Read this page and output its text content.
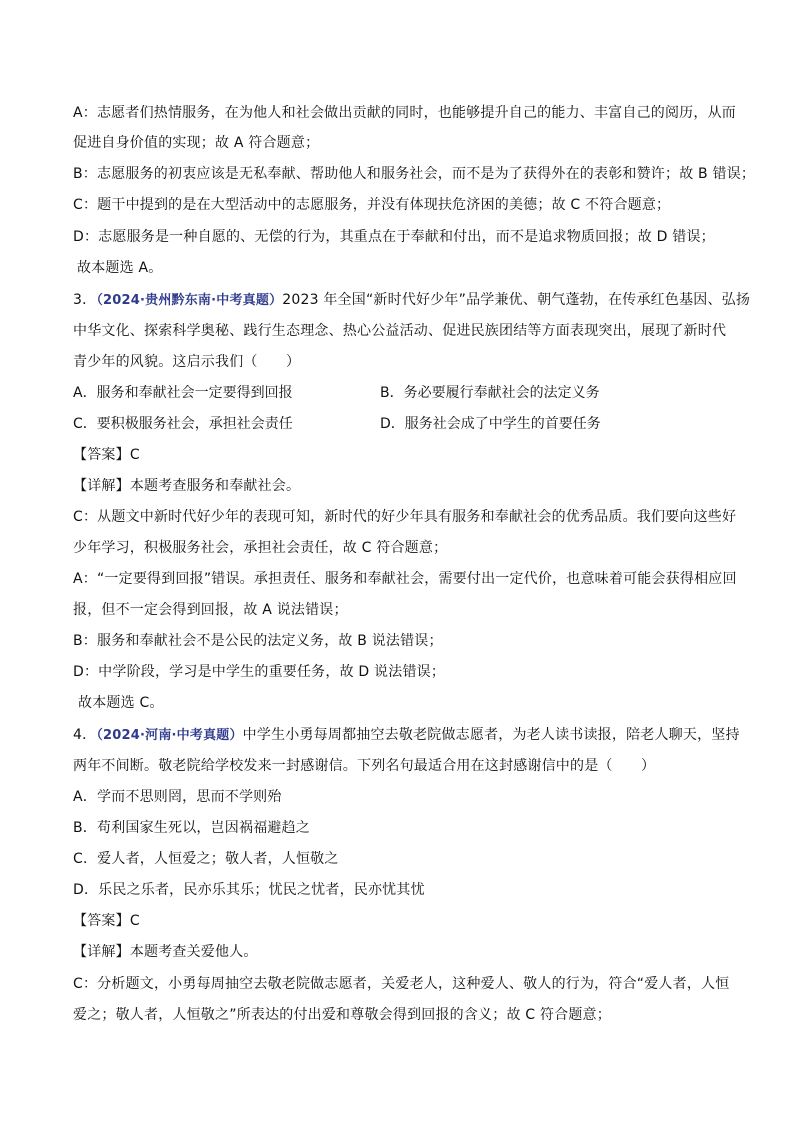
A：志愿者们热情服务，在为他人和社会做出贡献的同时，也能够提升自己的能力、丰富自己的阅历，从而
促进自身价值的实现；故 A 符合题意；
B：志愿服务的初衷应该是无私奉献、帮助他人和服务社会，而不是为了获得外在的表彰和赞许；故 B 错误；
C：题干中提到的是在大型活动中的志愿服务，并没有体现扶危济困的美德；故 C 不符合题意；
D：志愿服务是一种自愿的、无偿的行为，其重点在于奉献和付出，而不是追求物质回报；故 D 错误；
故本题选 A。
3．（2024·贵州黔东南·中考真题）2023 年全国“新时代好少年”品学兼优、朝气蓬勃，在传承红色基因、弘扬
中华文化、探索科学奥秘、践行生态理念、热心公益活动、促进民族团结等方面表现突出，展现了新时代
青少年的风貌。这启示我们（　　）
A．服务和奉献社会一定要得到回报	B．务必要履行奉献社会的法定义务
C．要积极服务社会，承担社会责任	D．服务社会成了中学生的首要任务
【答案】C
【详解】本题考查服务和奉献社会。
C：从题文中新时代好少年的表现可知，新时代的好少年具有服务和奉献社会的优秀品质。我们要向这些好
少年学习，积极服务社会，承担社会责任，故 C 符合题意；
A：“一定要得到回报”错误。承担责任、服务和奉献社会，需要付出一定代价，也意味着可能会获得相应回
报，但不一定会得到回报，故 A 说法错误；
B：服务和奉献社会不是公民的法定义务，故 B 说法错误；
D：中学阶段，学习是中学生的重要任务，故 D 说法错误；
故本题选 C。
4．（2024·河南·中考真题）中学生小勇每周都抽空去敬老院做志愿者，为老人读书读报，陪老人聊天，坚持
两年不间断。敬老院给学校发来一封感谢信。下列名句最适合用在这封感谢信中的是（　　）
A．学而不思则罔，思而不学则殆
B．苟利国家生死以，岂因祸福避趋之
C．爱人者，人恒爱之；敬人者，人恒敬之
D．乐民之乐者，民亦乐其乐；忧民之忧者，民亦忧其忧
【答案】C
【详解】本题考查关爱他人。
C：分析题文，小勇每周抽空去敬老院做志愿者，关爱老人，这种爱人、敬人的行为，符合“爱人者，人恒
爱之；敬人者，人恒敬之”所表达的付出爱和尊敬会得到回报的含义；故 C 符合题意；
